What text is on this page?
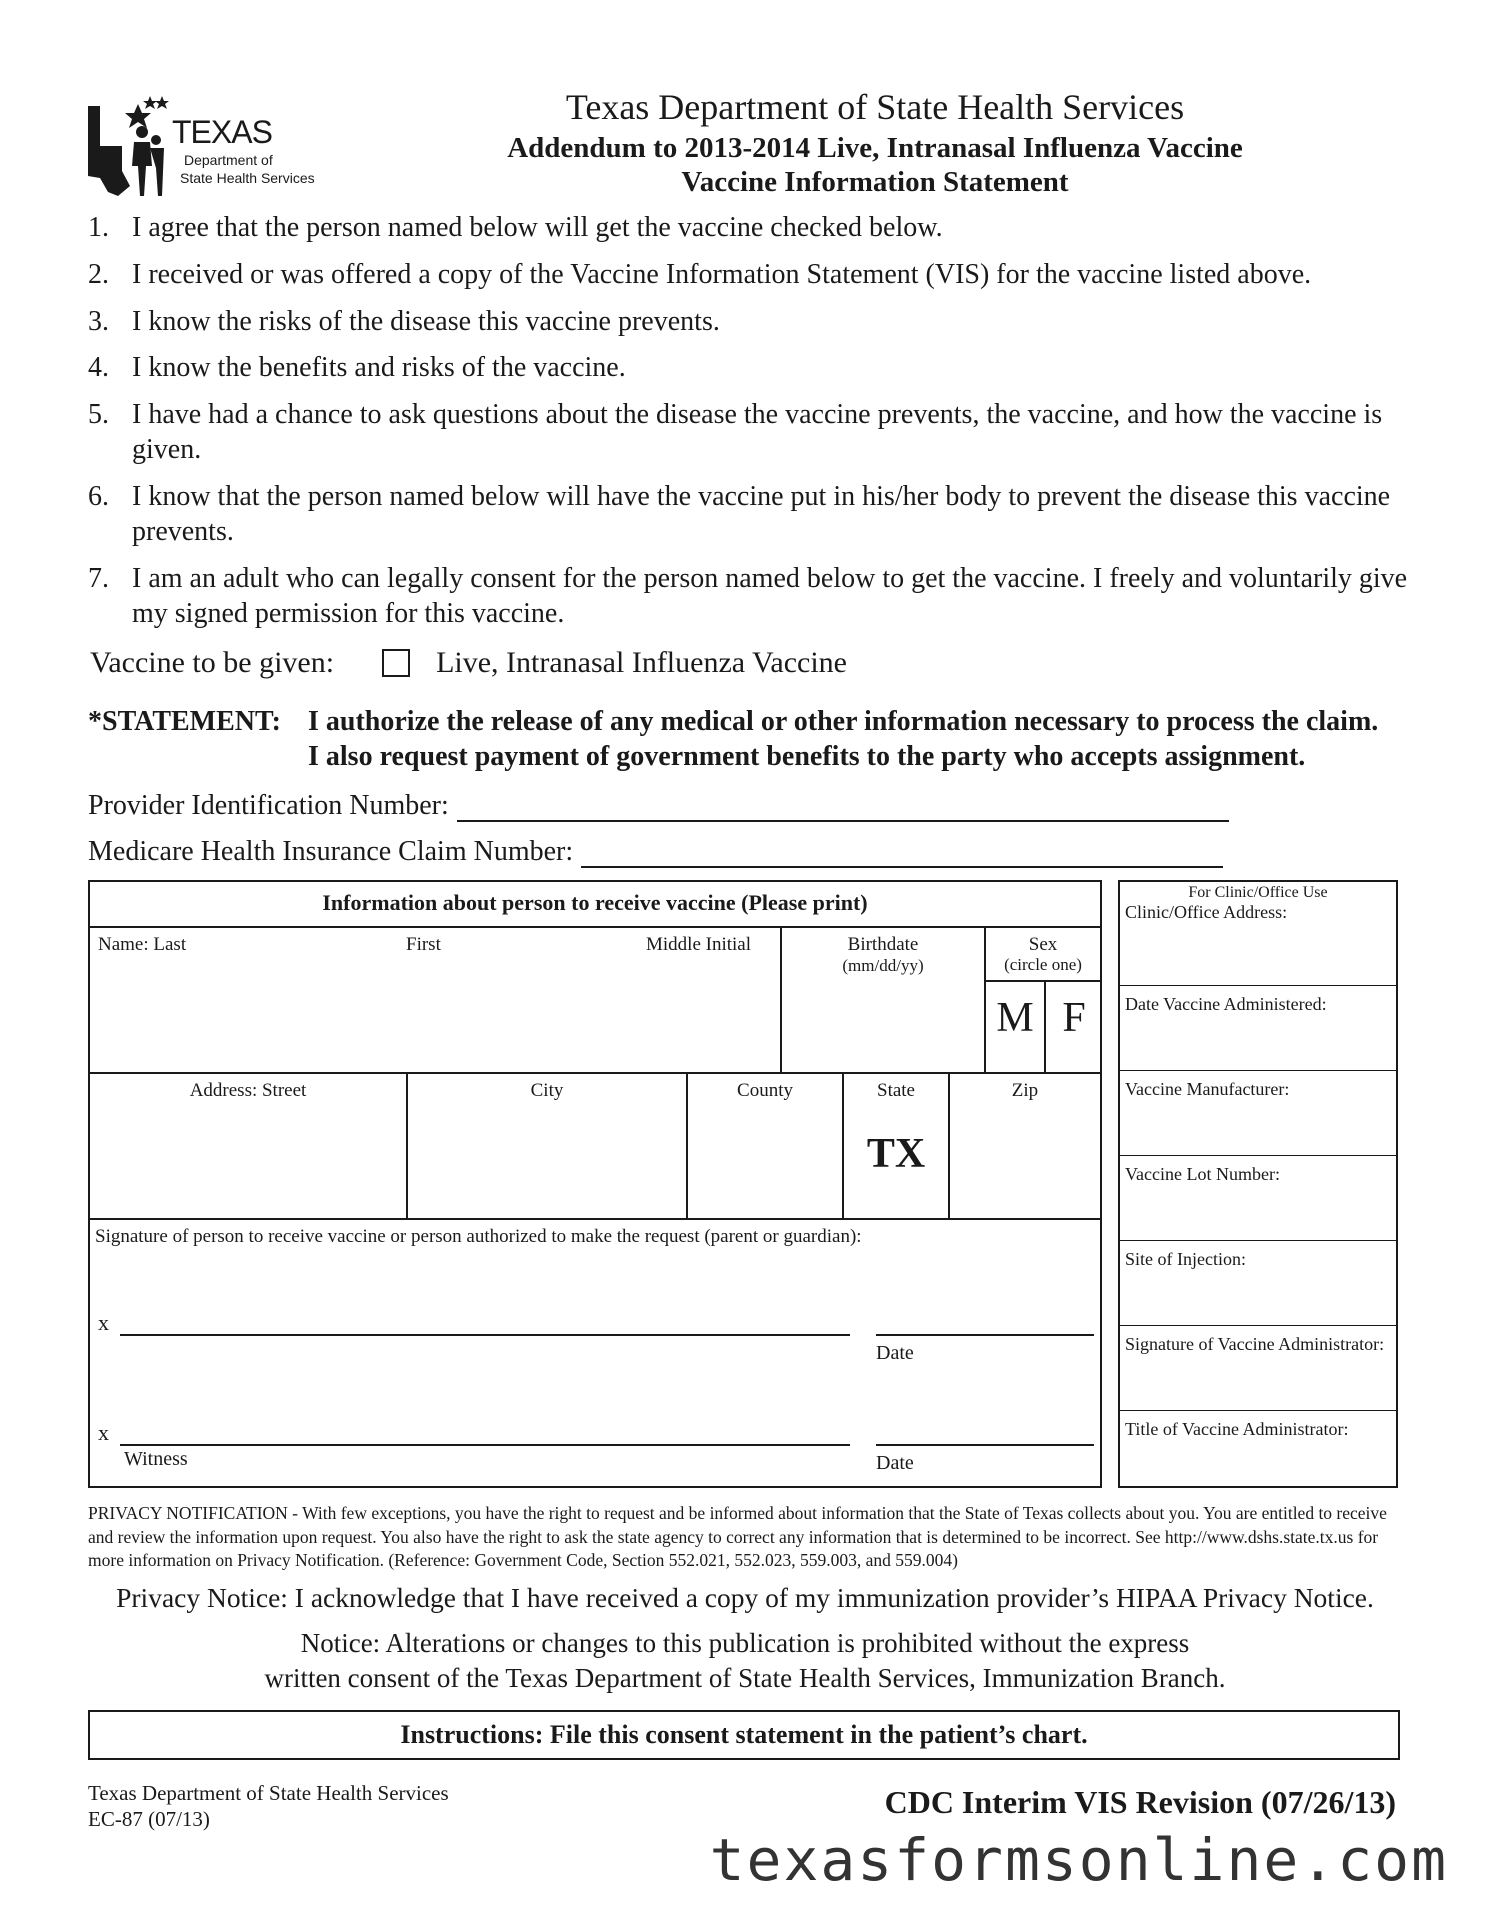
TEXAS
Department of
State Health Services
Texas Department of State Health Services
Addendum to 2013-2014 Live, Intranasal Influenza Vaccine
Vaccine Information Statement
1. I agree that the person named below will get the vaccine checked below.
2. I received or was offered a copy of the Vaccine Information Statement (VIS) for the vaccine listed above.
3. I know the risks of the disease this vaccine prevents.
4. I know the benefits and risks of the vaccine.
5. I have had a chance to ask questions about the disease the vaccine prevents, the vaccine, and how the vaccine is given.
6. I know that the person named below will have the vaccine put in his/her body to prevent the disease this vaccine prevents.
7. I am an adult who can legally consent for the person named below to get the vaccine. I freely and voluntarily give my signed permission for this vaccine.
Vaccine to be given:	Live, Intranasal Influenza Vaccine
*STATEMENT: I authorize the release of any medical or other information necessary to process the claim.
I also request payment of government benefits to the party who accepts assignment.
Provider Identification Number:
Medicare Health Insurance Claim Number:
Information about person to receive vaccine (Please print)
Name: Last	First	Middle Initial	Birthdate
(mm/dd/yy)
Sex
(circle one)
M F
Address: Street	City	County	State
TX
Zip
Signature of person to receive vaccine or person authorized to make the request (parent or guardian):
x
Date
x
Witness	Date
For Clinic/Office Use
Clinic/Office Address:
Date Vaccine Administered:
Vaccine Manufacturer:
Vaccine Lot Number:
Site of Injection:
Signature of Vaccine Administrator:
Title of Vaccine Administrator:
PRIVACY NOTIFICATION - With few exceptions, you have the right to request and be informed about information that the State of Texas collects about you. You are entitled to receive and review the information upon request. You also have the right to ask the state agency to correct any information that is determined to be incorrect. See http://www.dshs.state.tx.us for more information on Privacy Notification. (Reference: Government Code, Section 552.021, 552.023, 559.003, and 559.004)
Privacy Notice: I acknowledge that I have received a copy of my immunization provider’s HIPAA Privacy Notice.
Notice: Alterations or changes to this publication is prohibited without the express
written consent of the Texas Department of State Health Services, Immunization Branch.
Instructions: File this consent statement in the patient’s chart.
Texas Department of State Health Services
EC-87 (07/13)	CDC Interim VIS Revision (07/26/13)
texasformsonline.com
